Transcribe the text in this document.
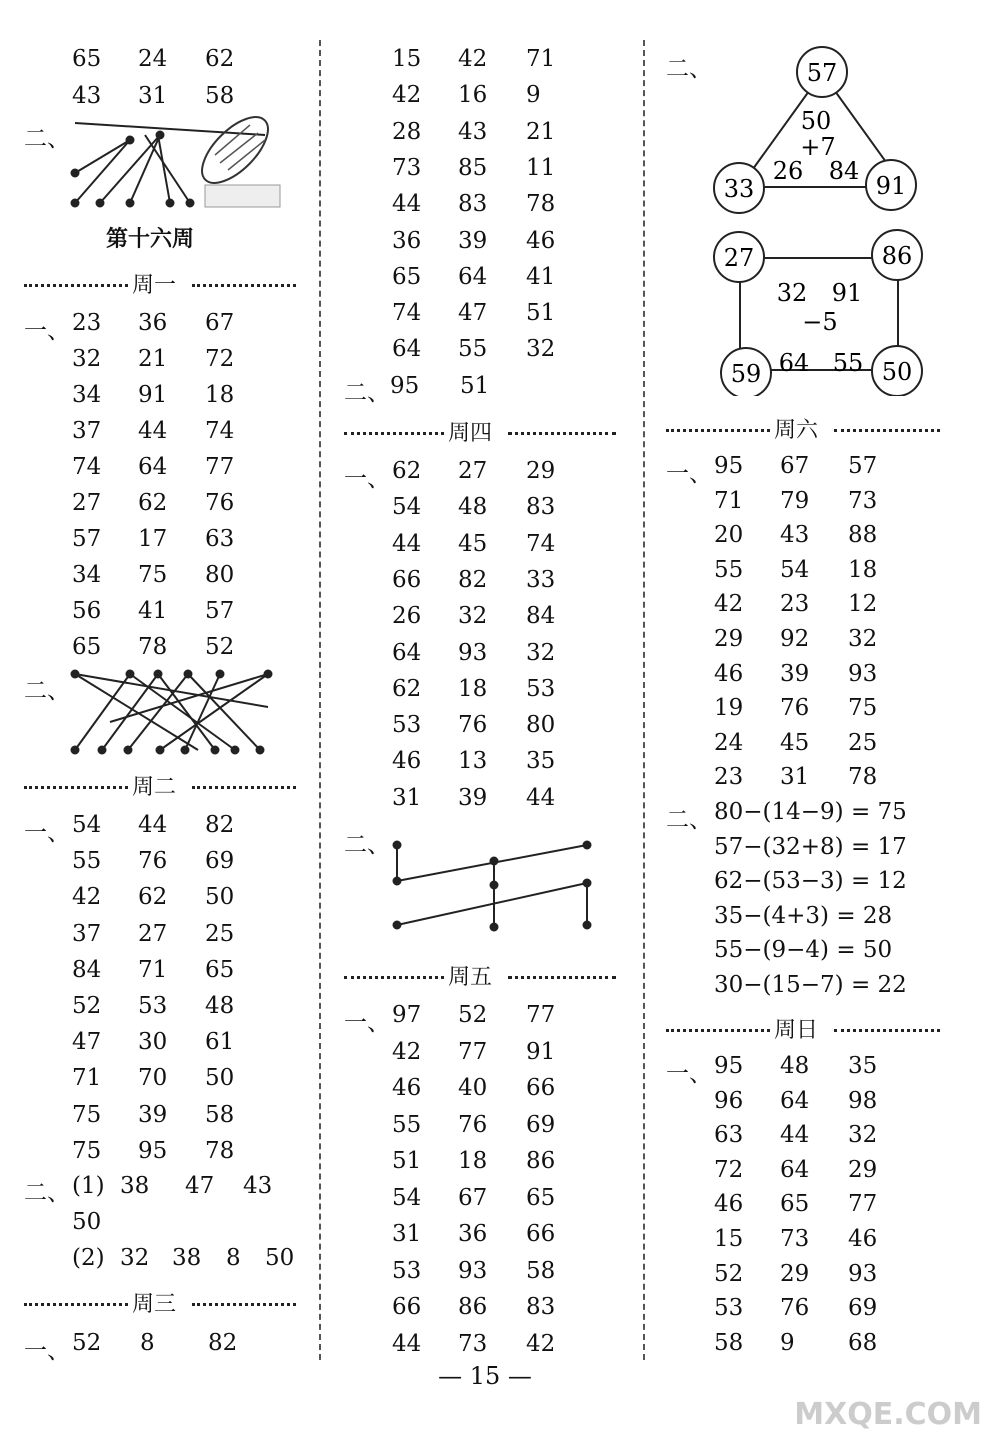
65 24 62
43 31 58
二、
第十六周
周一
一、 23 36 67
32 21 72
34 91 18
37 44 74
74 64 77
27 62 76
57 17 63
34 75 80
56 41 57
65 78 52
二、
周二
一、 54 44 82
55 76 69
42 62 50
37 27 25
84 71 65
52 53 48
47 30 61
71 70 50
75 39 58
75 95 78
二、 (1) 38 47 43
50
(2) 32 38 8 50
周三
一、 52 8 82
15 42 71
42 16 9
28 43 21
73 85 11
44 83 78
36 39 46
65 64 41
74 47 51
64 55 32
二、 95 51
周四
一、 62 27 29
54 48 83
44 45 74
66 82 33
26 32 84
64 93 32
62 18 53
53 76 80
46 13 35
31 39 44
二、
周五
一、 97 52 77
42 77 91
46 40 66
55 76 69
51 18 86
54 67 65
31 36 66
53 93 58
66 86 83
44 73 42
二、	57
33	91
50
+7
26 84
27	86
59	50
32 91
−5
64 55
周六
一、 95 67 57
71 79 73
20 43 88
55 54 18
42 23 12
29 92 32
46 39 93
19 76 75
24 45 25
23 31 78
二、 80−(14−9) = 75
57−(32+8) = 17
62−(53−3) = 12
35−(4+3) = 28
55−(9−4) = 50
30−(15−7) = 22
周日
一、 95 48 35
96 64 98
63 44 32
72 64 29
46 65 77
15 73 46
52 29 93
53 76 69
58 9 68
— 15 —
MXQE.COM
